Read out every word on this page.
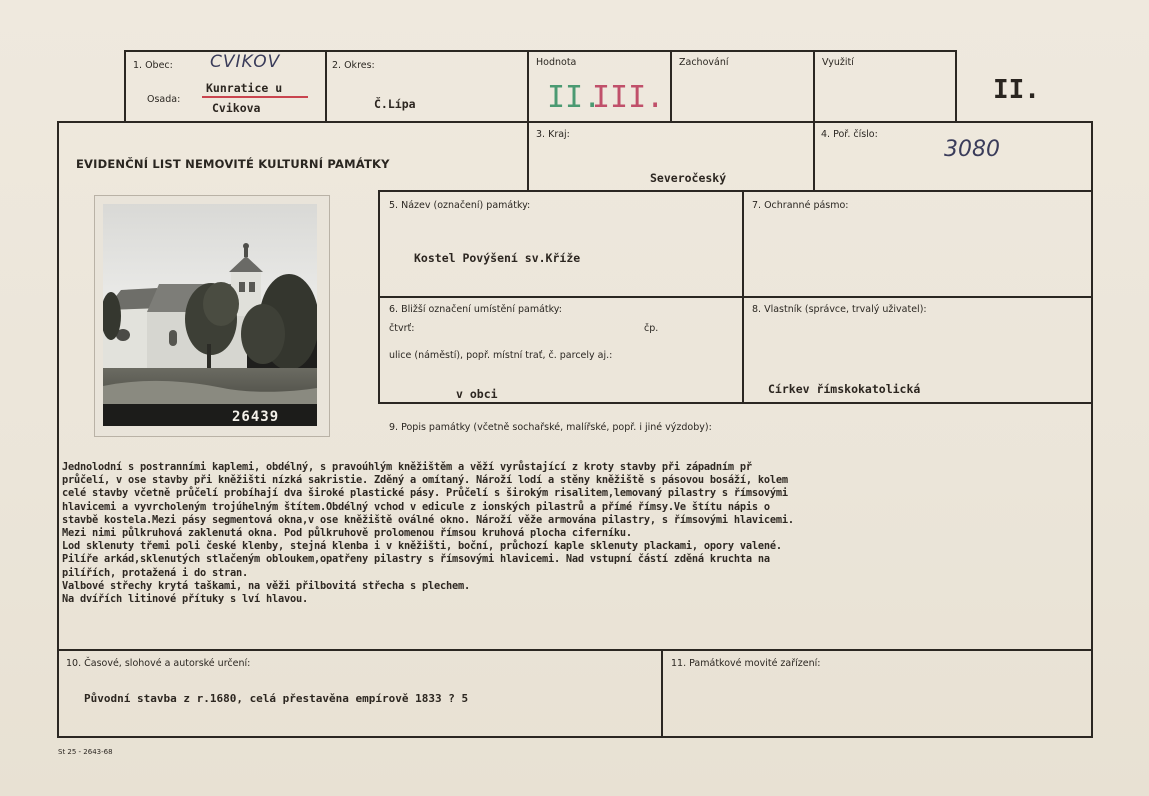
1. Obec: CVIKOV
Osada:
Kunratice u
Cvikova
2. Okres:
Č.Lípa
Hodnota
II.
III.
Zachování	Využití
II.
EVIDENČNÍ LIST NEMOVITÉ KULTURNÍ PAMÁTKY
3. Kraj:
Severočeský
4. Poř. číslo:
3080
26439
5. Název (označení) památky:
Kostel Povýšení sv.Kříže
7. Ochranné pásmo:
6. Bližší označení umístění památky:
čtvrť:	čp.
ulice (náměstí), popř. místní trať, č. parcely aj.:
v obci
8. Vlastník (správce, trvalý uživatel):
Církev římskokatolická
9. Popis památky (včetně sochařské, malířské, popř. i jiné výzdoby):
Jednolodní s postranními kaplemi, obdélný, s pravoúhlým kněžištěm a věží vyrůstající z kroty stavby při západním př
průčelí, v ose stavby při kněžišti nízká sakristie. Zděný a omítaný. Nároží lodí a stěny kněžiště s pásovou bosáží, kolem
celé stavby včetně průčelí probíhají dva široké plastické pásy. Průčelí s širokým risalitem,lemovaný pilastry s římsovými
hlavicemi a vyvrcholeným trojúhelným štítem.Obdélný vchod v edicule z ionských pilastrů a přímé římsy.Ve štítu nápis o
stavbě kostela.Mezi pásy segmentová okna,v ose kněžiště oválné okno. Nároží věže armována pilastry, s římsovými hlavicemi.
Mezi nimi půlkruhová zaklenutá okna. Pod půlkruhově prolomenou římsou kruhová plocha ciferníku.
Lod sklenuty třemi poli české klenby, stejná klenba i v kněžišti, boční, průchozí kaple sklenuty plackami, opory valené.
Pilíře arkád,sklenutých stlačeným obloukem,opatřeny pilastry s římsovými hlavicemi. Nad vstupní částí zděná kruchta na
pilířích, protažená i do stran.
Valbové střechy krytá taškami, na věži přilbovitá střecha s plechem.
Na dvířích litinové přítuky s lví hlavou.
10. Časové, slohové a autorské určení:
Původní stavba z r.1680, celá přestavěna empírově 1833 ? 5
11. Památkové movité zařízení:
St 25 - 2643-68
